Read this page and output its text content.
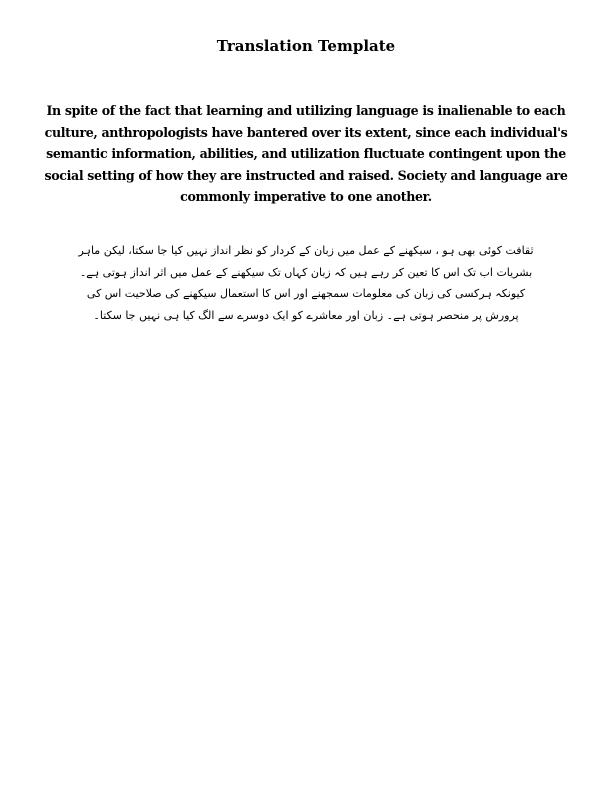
Translation Template

In spite of the fact that learning and utilizing language is inalienable to each culture, anthropologists have bantered over its extent, since each individual's semantic information, abilities, and utilization fluctuate contingent upon the social setting of how they are instructed and raised. Society and language are commonly imperative to one another.

ثقافت کوئی بھی ہو ، سیکھنے کے عمل میں زبان کے کردار کو نظر انداز نہیں کیا جا سکتا، لیکن ماہر
بشریات اب تک اس کا تعین کر رہے ہیں کہ زبان کہاں تک سیکھنے کے عمل میں اثر انداز ہوتی ہے۔
کیونکہ ہرکسی کی زبان کی معلومات سمجھنے اور اس کا استعمال سیکھنے کی صلاحیت اس کی
پرورش پر منحصر ہوتی ہے۔ زبان اور معاشرے کو ایک دوسرے سے الگ کیا ہی نہیں جا سکتا۔
